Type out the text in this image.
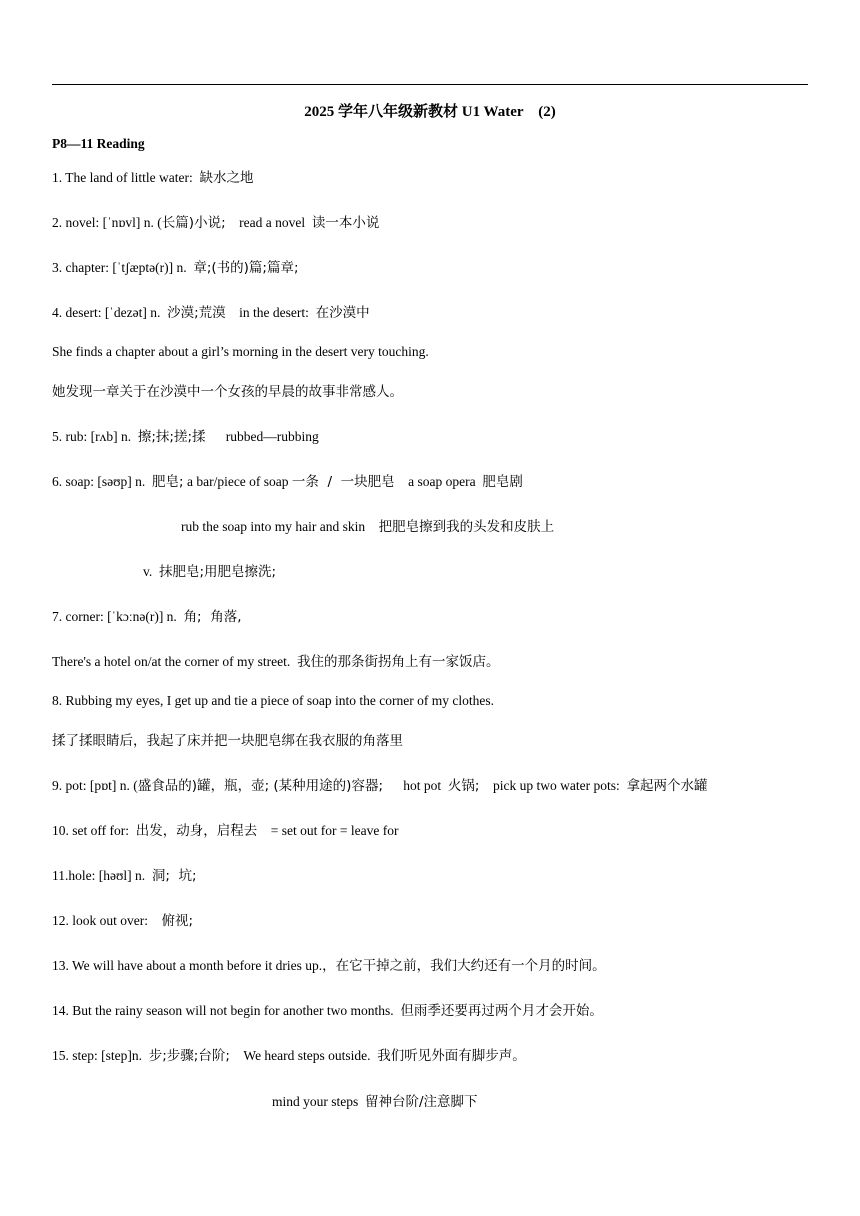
2025 学年八年级新教材 U1 Water    (2)
P8—11 Reading
1. The land of little water:  缺水之地
2. novel: [ˈnɒvl] n. (长篇)小说;    read a novel  读一本小说
3. chapter: [ˈtʃæptə(r)] n.  章;(书的)篇;篇章;
4. desert: [ˈdezət] n.  沙漠;荒漠    in the desert:  在沙漠中
She finds a chapter about a girl’s morning in the desert very touching.
她发现一章关于在沙漠中一个女孩的早晨的故事非常感人。
5. rub: [rʌb] n.  擦;抹;搓;揉      rubbed—rubbing
6. soap: [səʊp] n.  肥皂; a bar/piece of soap 一条  /  一块肥皂    a soap opera  肥皂剧
rub the soap into my hair and skin    把肥皂擦到我的头发和皮肤上
v.  抹肥皂;用肥皂擦洗;
7. corner: [ˈkɔːnə(r)] n.  角;  角落,
There's a hotel on/at the corner of my street.  我住的那条街拐角上有一家饭店。
8. Rubbing my eyes, I get up and tie a piece of soap into the corner of my clothes.
揉了揉眼睛后，我起了床并把一块肥皂绑在我衣服的角落里
9. pot: [pɒt] n. (盛食品的)罐，瓶，壶; (某种用途的)容器;      hot pot  火锅;    pick up two water pots:  拿起两个水罐
10. set off for:  出发，动身，启程去    = set out for = leave for
11.hole: [həʊl] n.  洞;  坑;
12. look out over:    俯视;
13. We will have about a month before it dries up.，在它干掉之前，我们大约还有一个月的时间。
14. But the rainy season will not begin for another two months.  但雨季还要再过两个月才会开始。
15. step: [step]n.  步;步骤;台阶;    We heard steps outside.  我们听见外面有脚步声。
mind your steps  留神台阶/注意脚下
